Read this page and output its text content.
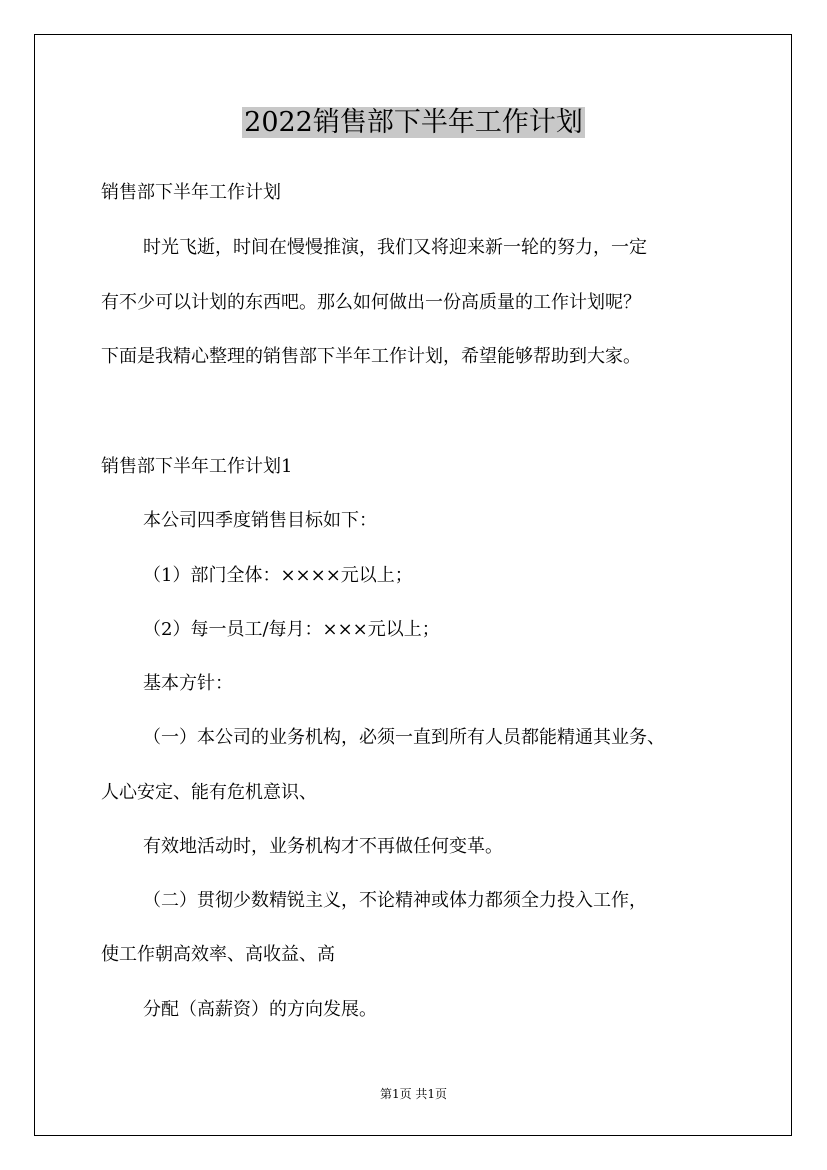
2022销售部下半年工作计划
销售部下半年工作计划
时光飞逝，时间在慢慢推演，我们又将迎来新一轮的努力，一定
有不少可以计划的东西吧。那么如何做出一份高质量的工作计划呢？
下面是我精心整理的销售部下半年工作计划，希望能够帮助到大家。
销售部下半年工作计划1
本公司四季度销售目标如下：
（1）部门全体：××××元以上；
（2）每一员工/每月：×××元以上；
基本方针：
（一）本公司的业务机构，必须一直到所有人员都能精通其业务、
人心安定、能有危机意识、
有效地活动时，业务机构才不再做任何变革。
（二）贯彻少数精锐主义，不论精神或体力都须全力投入工作，
使工作朝高效率、高收益、高
分配（高薪资）的方向发展。
第1页 共1页
